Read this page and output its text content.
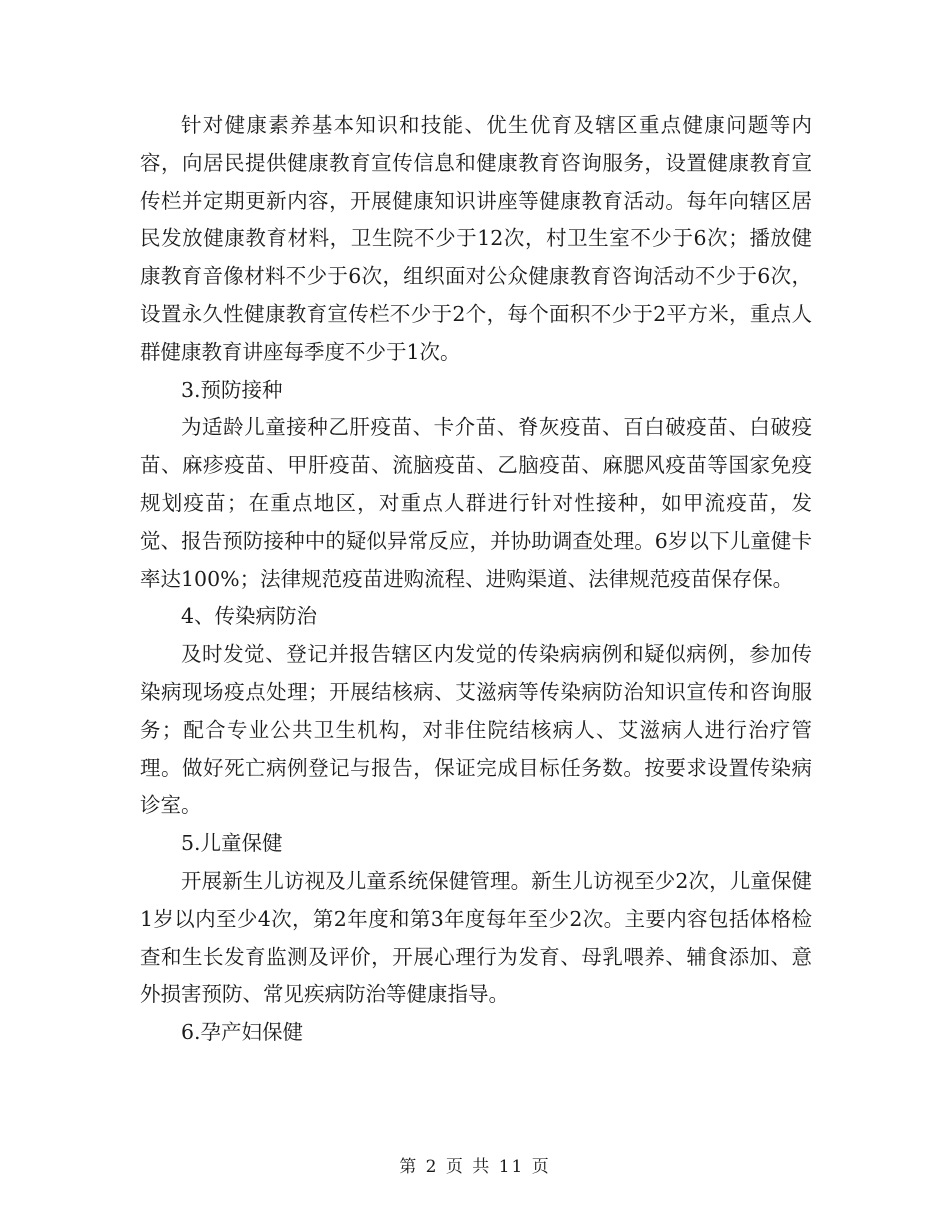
针对健康素养基本知识和技能、优生优育及辖区重点健康问题等内容，向居民提供健康教育宣传信息和健康教育咨询服务，设置健康教育宣传栏并定期更新内容，开展健康知识讲座等健康教育活动。每年向辖区居民发放健康教育材料，卫生院不少于12次，村卫生室不少于6次；播放健康教育音像材料不少于6次，组织面对公众健康教育咨询活动不少于6次，设置永久性健康教育宣传栏不少于2个，每个面积不少于2平方米，重点人群健康教育讲座每季度不少于1次。

3.预防接种

为适龄儿童接种乙肝疫苗、卡介苗、脊灰疫苗、百白破疫苗、白破疫苗、麻疹疫苗、甲肝疫苗、流脑疫苗、乙脑疫苗、麻腮风疫苗等国家免疫规划疫苗；在重点地区，对重点人群进行针对性接种，如甲流疫苗，发觉、报告预防接种中的疑似异常反应，并协助调查处理。6岁以下儿童健卡率达100%；法律规范疫苗进购流程、进购渠道、法律规范疫苗保存保。

4、传染病防治

及时发觉、登记并报告辖区内发觉的传染病病例和疑似病例，参加传染病现场疫点处理；开展结核病、艾滋病等传染病防治知识宣传和咨询服务；配合专业公共卫生机构，对非住院结核病人、艾滋病人进行治疗管理。做好死亡病例登记与报告，保证完成目标任务数。按要求设置传染病诊室。

5.儿童保健

开展新生儿访视及儿童系统保健管理。新生儿访视至少2次，儿童保健1岁以内至少4次，第2年度和第3年度每年至少2次。主要内容包括体格检查和生长发育监测及评价，开展心理行为发育、母乳喂养、辅食添加、意外损害预防、常见疾病防治等健康指导。

6.孕产妇保健

第 2 页 共 11 页
